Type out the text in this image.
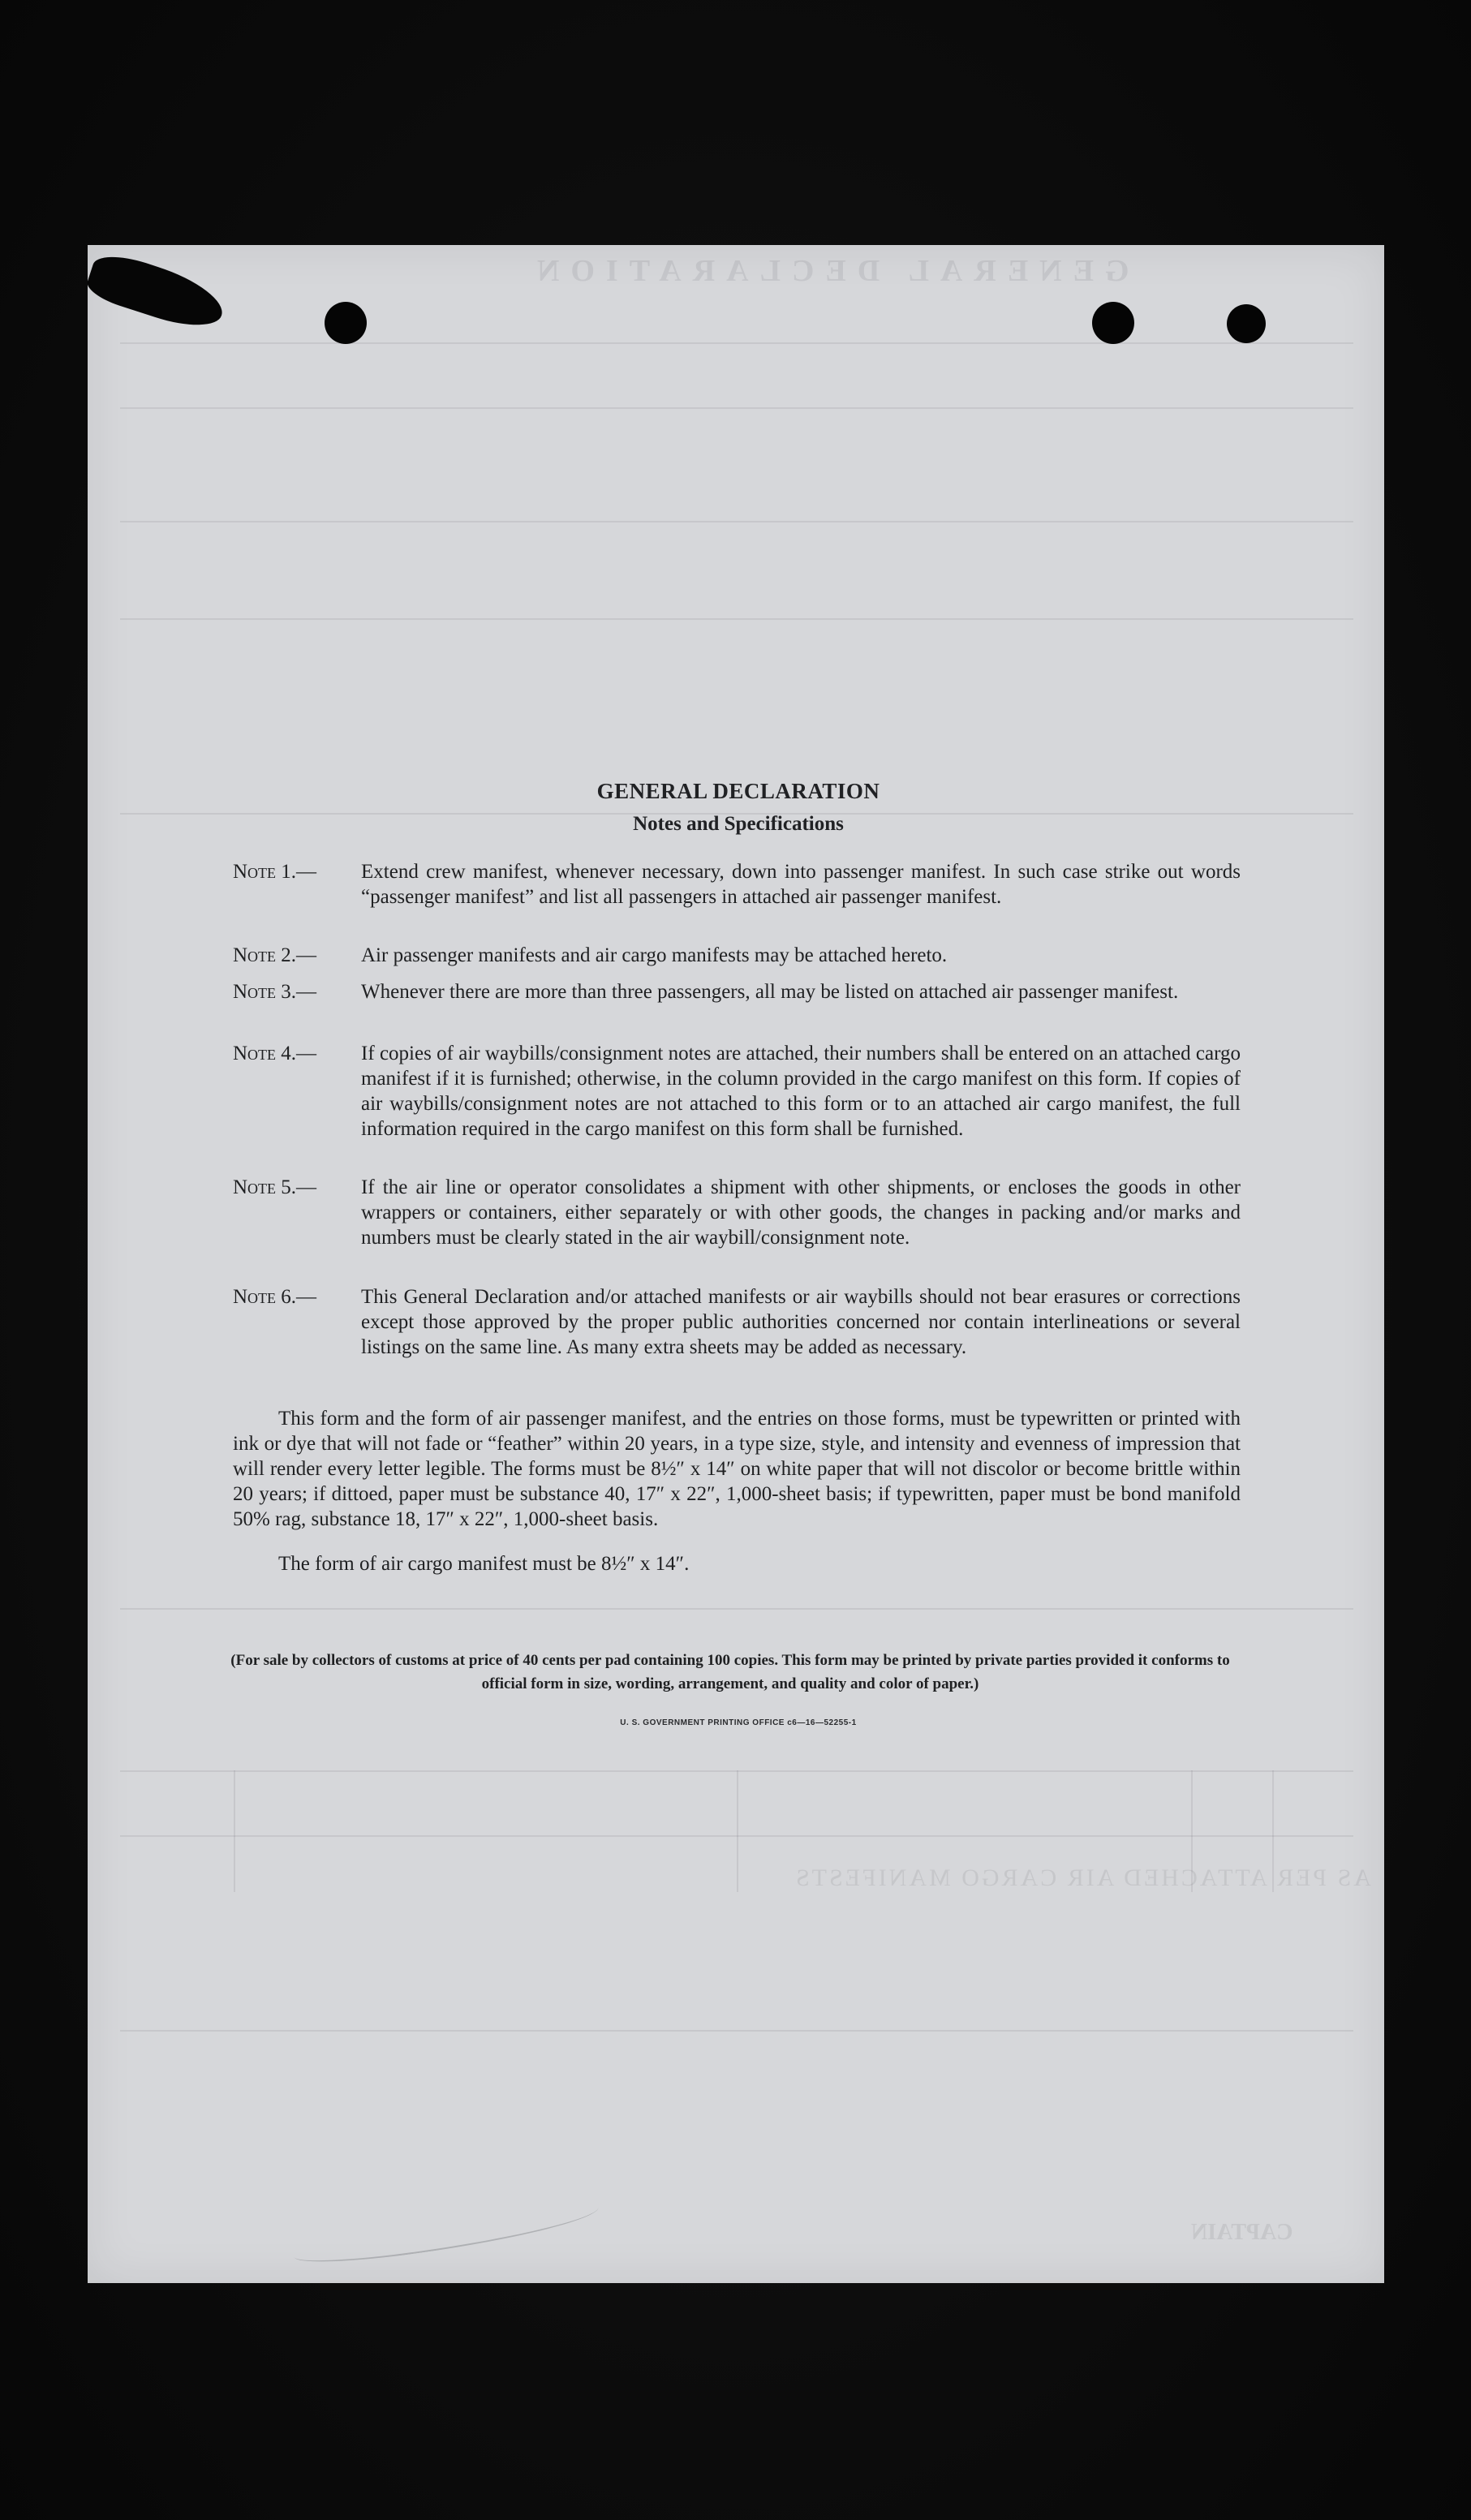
GENERAL DECLARATION
AS PER ATTACHED AIR CARGO MANIFESTS
CAPTAIN
GENERAL DECLARATION
Notes and Specifications
Note 1.—	Extend crew manifest, whenever necessary, down into passenger manifest. In such case strike out words “passenger manifest” and list all passengers in attached air passenger manifest.
Note 2.—	Air passenger manifests and air cargo manifests may be attached hereto.
Note 3.—	Whenever there are more than three passengers, all may be listed on attached air passenger manifest.
Note 4.—	If copies of air waybills/consignment notes are attached, their numbers shall be entered on an attached cargo manifest if it is furnished; otherwise, in the column provided in the cargo manifest on this form. If copies of air waybills/consignment notes are not attached to this form or to an attached air cargo manifest, the full information required in the cargo manifest on this form shall be furnished.
Note 5.—	If the air line or operator consolidates a shipment with other shipments, or encloses the goods in other wrappers or containers, either separately or with other goods, the changes in packing and/or marks and numbers must be clearly stated in the air waybill/consignment note.
Note 6.—	This General Declaration and/or attached manifests or air waybills should not bear erasures or corrections except those approved by the proper public authorities concerned nor contain interlineations or several listings on the same line. As many extra sheets may be added as necessary.
This form and the form of air passenger manifest, and the entries on those forms, must be typewritten or printed with ink or dye that will not fade or “feather” within 20 years, in a type size, style, and intensity and evenness of impression that will render every letter legible. The forms must be 8½″ x 14″ on white paper that will not discolor or become brittle within 20 years; if dittoed, paper must be substance 40, 17″ x 22″, 1,000-sheet basis; if typewritten, paper must be bond manifold 50% rag, substance 18, 17″ x 22″, 1,000-sheet basis.
The form of air cargo manifest must be 8½″ x 14″.
(For sale by collectors of customs at price of 40 cents per pad containing 100 copies. This form may be printed by private parties provided it conforms to official form in size, wording, arrangement, and quality and color of paper.)
U. S. GOVERNMENT PRINTING OFFICE c6—16—52255-1
